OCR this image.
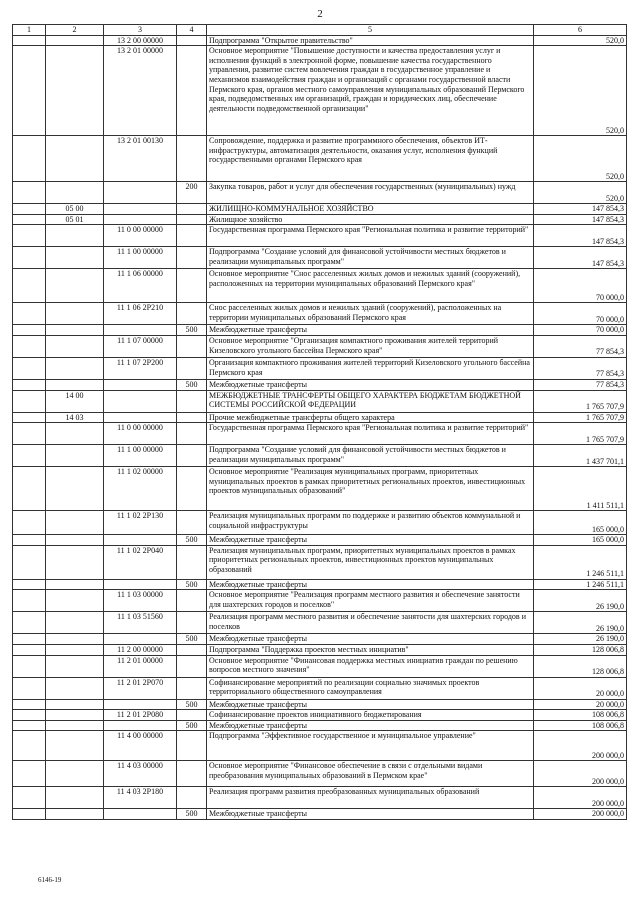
2
1	2	3	4	5	6
		13 2 00 00000		Подпрограмма "Открытое правительство"	520,0
		13 2 01 00000		Основное мероприятие "Повышение доступности и качества предоставления услуг и исполнения функций в электронной форме, повышение качества государственного управления, развитие систем вовлечения граждан в государственное управление и механизмов взаимодействия граждан и организаций с органами государственной власти Пермского края, органов местного самоуправления муниципальных образований Пермского края, подведомственных им организаций, граждан и юридических лиц, обеспечение деятельности подведомственной организации"	520,0
		13 2 01 00130		Сопровождение, поддержка и развитие программного обеспечения, объектов ИТ-инфраструктуры, автоматизация деятельности, оказания услуг, исполнения функций государственными органами Пермского края	520,0
			200	Закупка товаров, работ и услуг для обеспечения государственных (муниципальных) нужд	520,0
	05 00			ЖИЛИЩНО-КОММУНАЛЬНОЕ ХОЗЯЙСТВО	147 854,3
	05 01			Жилищное хозяйство	147 854,3
		11 0 00 00000		Государственная программа Пермского края "Региональная политика и развитие территорий"	147 854,3
		11 1 00 00000		Подпрограмма "Создание условий для финансовой устойчивости местных бюджетов и реализации муниципальных программ"	147 854,3
		11 1 06 00000		Основное мероприятие "Снос расселенных жилых домов и нежилых зданий (сооружений), расположенных на территории муниципальных образований Пермского края"	70 000,0
		11 1 06 2Р210		Снос расселенных жилых домов и нежилых зданий (сооружений), расположенных на территории муниципальных образований Пермского края	70 000,0
			500	Межбюджетные трансферты	70 000,0
		11 1 07 00000		Основное мероприятие "Организация компактного проживания жителей территорий Кизеловского угольного бассейна Пермского края"	77 854,3
		11 1 07 2Р200		Организация компактного проживания жителей территорий Кизеловского угольного бассейна Пермского края	77 854,3
			500	Межбюджетные трансферты	77 854,3
	14 00			МЕЖБЮДЖЕТНЫЕ ТРАНСФЕРТЫ ОБЩЕГО ХАРАКТЕРА БЮДЖЕТАМ БЮДЖЕТНОЙ СИСТЕМЫ РОССИЙСКОЙ ФЕДЕРАЦИИ	1 765 707,9
	14 03			Прочие межбюджетные трансферты общего характера	1 765 707,9
		11 0 00 00000		Государственная программа Пермского края "Региональная политика и развитие территорий"	1 765 707,9
		11 1 00 00000		Подпрограмма "Создание условий для финансовой устойчивости местных бюджетов и реализации муниципальных программ"	1 437 701,1
		11 1 02 00000		Основное мероприятие "Реализация муниципальных программ, приоритетных муниципальных проектов в рамках приоритетных региональных проектов, инвестиционных проектов муниципальных образований"	1 411 511,1
		11 1 02 2Р130		Реализация муниципальных программ по поддержке и развитию объектов коммунальной и социальной инфраструктуры	165 000,0
			500	Межбюджетные трансферты	165 000,0
		11 1 02 2Р040		Реализация муниципальных программ, приоритетных муниципальных проектов в рамках приоритетных региональных проектов, инвестиционных проектов муниципальных образований	1 246 511,1
			500	Межбюджетные трансферты	1 246 511,1
		11 1 03 00000		Основное мероприятие "Реализация программ местного развития и обеспечение занятости для шахтерских городов и поселков"	26 190,0
		11 1 03 51560		Реализация программ местного развития и обеспечение занятости для шахтерских городов и поселков	26 190,0
			500	Межбюджетные трансферты	26 190,0
		11 2 00 00000		Подпрограмма "Поддержка проектов местных инициатив"	128 006,8
		11 2 01 00000		Основное мероприятие "Финансовая поддержка местных инициатив граждан по решению вопросов местного значения"	128 006,8
		11 2 01 2Р070		Софинансирование мероприятий по реализации социально значимых проектов территориального общественного самоуправления	20 000,0
			500	Межбюджетные трансферты	20 000,0
		11 2 01 2Р080		Софинансирование проектов инициативного бюджетирования	108 006,8
			500	Межбюджетные трансферты	108 006,8
		11 4 00 00000		Подпрограмма "Эффективное государственное и муниципальное управление"	200 000,0
		11 4 03 00000		Основное мероприятие "Финансовое обеспечение в связи с отдельными видами преобразования муниципальных образований в Пермском крае"	200 000,0
		11 4 03 2Р180		Реализация программ развития преобразованных муниципальных образований	200 000,0
			500	Межбюджетные трансферты	200 000,0
6146-19
